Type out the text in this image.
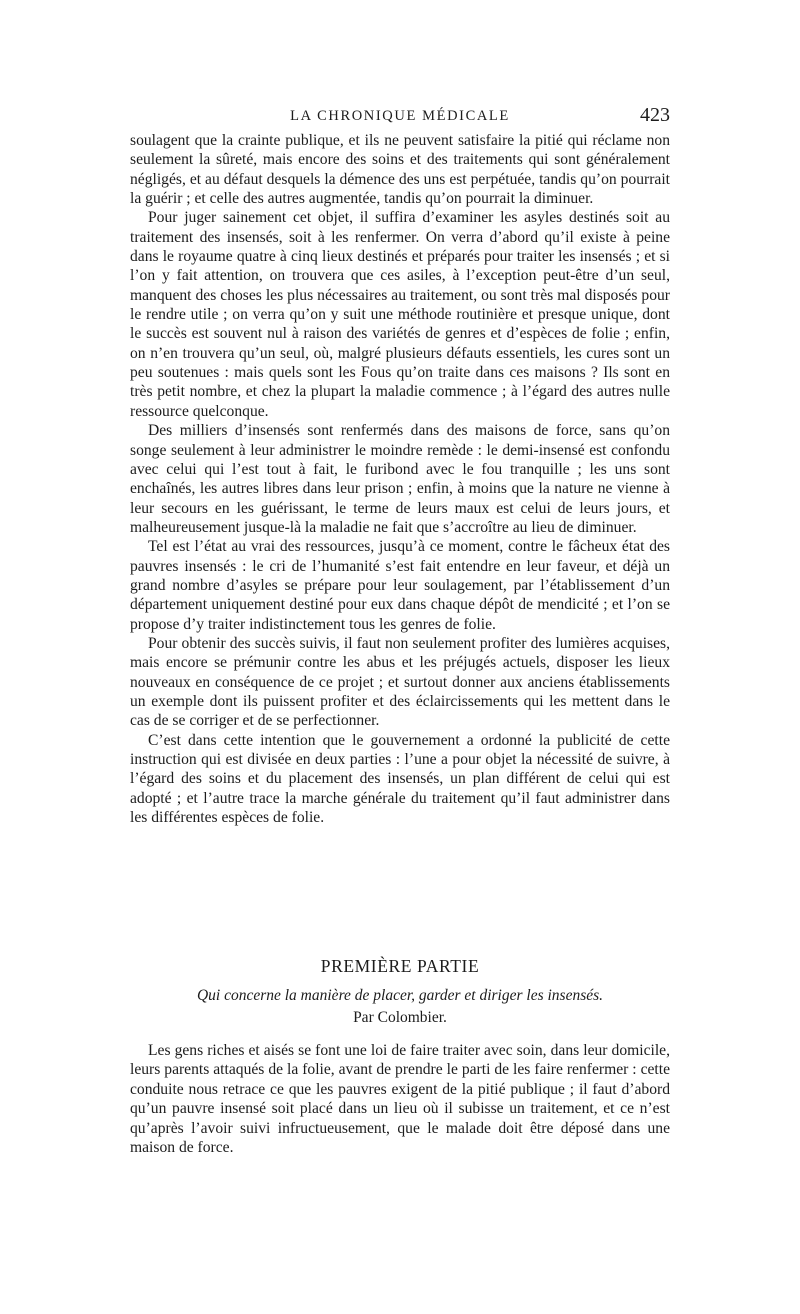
LA CHRONIQUE MÉDICALE	423

soulagent que la crainte publique, et ils ne peuvent satisfaire la pitié qui réclame non seulement la sûreté, mais encore des soins et des traitements qui sont généralement négligés, et au défaut desquels la démence des uns est perpétuée, tandis qu’on pourrait la guérir ; et celle des autres augmentée, tandis qu’on pourrait la diminuer.

Pour juger sainement cet objet, il suffira d’examiner les asyles destinés soit au traitement des insensés, soit à les renfermer. On verra d’abord qu’il existe à peine dans le royaume quatre à cinq lieux destinés et préparés pour traiter les insensés ; et si l’on y fait attention, on trouvera que ces asiles, à l’exception peut-être d’un seul, manquent des choses les plus nécessaires au traitement, ou sont très mal disposés pour le rendre utile ; on verra qu’on y suit une méthode routinière et presque unique, dont le succès est souvent nul à raison des variétés de genres et d’espèces de folie ; enfin, on n’en trouvera qu’un seul, où, malgré plusieurs défauts essentiels, les cures sont un peu soutenues : mais quels sont les Fous qu’on traite dans ces maisons ? Ils sont en très petit nombre, et chez la plupart la maladie commence ; à l’égard des autres nulle ressource quelconque.

Des milliers d’insensés sont renfermés dans des maisons de force, sans qu’on songe seulement à leur administrer le moindre remède : le demi-insensé est confondu avec celui qui l’est tout à fait, le furibond avec le fou tranquille ; les uns sont enchaînés, les autres libres dans leur prison ; enfin, à moins que la nature ne vienne à leur secours en les guérissant, le terme de leurs maux est celui de leurs jours, et malheureusement jusque-là la maladie ne fait que s’accroître au lieu de diminuer.

Tel est l’état au vrai des ressources, jusqu’à ce moment, contre le fâcheux état des pauvres insensés : le cri de l’humanité s’est fait entendre en leur faveur, et déjà un grand nombre d’asyles se prépare pour leur soulagement, par l’établissement d’un département uniquement destiné pour eux dans chaque dépôt de mendicité ; et l’on se propose d’y traiter indistinctement tous les genres de folie.

Pour obtenir des succès suivis, il faut non seulement profiter des lumières acquises, mais encore se prémunir contre les abus et les préjugés actuels, disposer les lieux nouveaux en conséquence de ce projet ; et surtout donner aux anciens établissements un exemple dont ils puissent profiter et des éclaircissements qui les mettent dans le cas de se corriger et de se perfectionner.

C’est dans cette intention que le gouvernement a ordonné la publicité de cette instruction qui est divisée en deux parties : l’une a pour objet la nécessité de suivre, à l’égard des soins et du placement des insensés, un plan différent de celui qui est adopté ; et l’autre trace la marche générale du traitement qu’il faut administrer dans les différentes espèces de folie.

PREMIÈRE PARTIE

Qui concerne la manière de placer, garder et diriger les insensés.

Par Colombier.

Les gens riches et aisés se font une loi de faire traiter avec soin, dans leur domicile, leurs parents attaqués de la folie, avant de prendre le parti de les faire renfermer : cette conduite nous retrace ce que les pauvres exigent de la pitié publique ; il faut d’abord qu’un pauvre insensé soit placé dans un lieu où il subisse un traitement, et ce n’est qu’après l’avoir suivi infructueusement, que le malade doit être déposé dans une maison de force.
